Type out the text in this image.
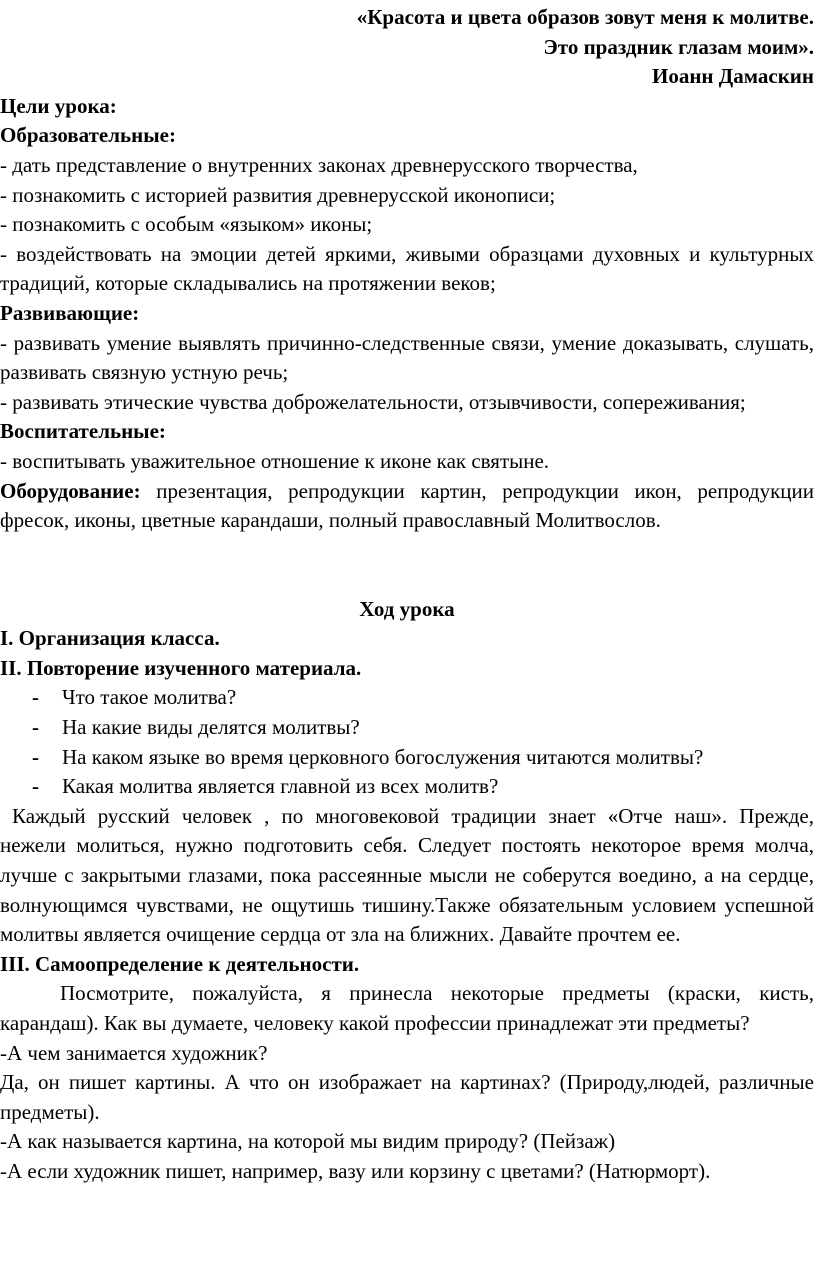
«Красота и цвета образов зовут меня к молитве.

Это праздник глазам моим».

Иоанн Дамаскин

Цели урока:

Образовательные:

- дать представление о внутренних законах древнерусского творчества,

- познакомить с историей развития древнерусской иконописи;

- познакомить с особым «языком» иконы;

- воздействовать на эмоции детей яркими, живыми образцами духовных и культурных традиций, которые складывались на протяжении веков;

Развивающие:

- развивать умение выявлять причинно-следственные связи, умение доказывать, слушать, развивать связную устную речь;

- развивать этические чувства доброжелательности, отзывчивости, сопереживания;

Воспитательные:

- воспитывать уважительное отношение к иконе как святыне.

Оборудование: презентация, репродукции картин, репродукции икон, репродукции фресок, иконы, цветные карандаши, полный православный Молитвослов.

Ход урока

I. Организация класса.

II. Повторение изученного материала.

- Что такое молитва?
- На какие виды делятся молитвы?
- На каком языке во время церковного богослужения читаются молитвы?
- Какая молитва является главной из всех молитв?

Каждый русский человек , по многовековой традиции знает «Отче наш». Прежде, нежели молиться, нужно подготовить себя. Следует постоять некоторое время молча, лучше с закрытыми глазами, пока рассеянные мысли не соберутся воедино, а на сердце, волнующимся чувствами, не ощутишь тишину.Также обязательным условием успешной молитвы является очищение сердца от зла на ближних. Давайте прочтем ее.

III. Самоопределение к деятельности.

Посмотрите, пожалуйста, я принесла некоторые предметы (краски, кисть, карандаш). Как вы думаете, человеку какой профессии принадлежат эти предметы?

-А чем занимается художник?

Да, он пишет картины. А что он изображает на картинах? (Природу,людей, различные предметы).

-А как называется картина, на которой мы видим природу? (Пейзаж)

-А если художник пишет, например, вазу или корзину с цветами? (Натюрморт).
